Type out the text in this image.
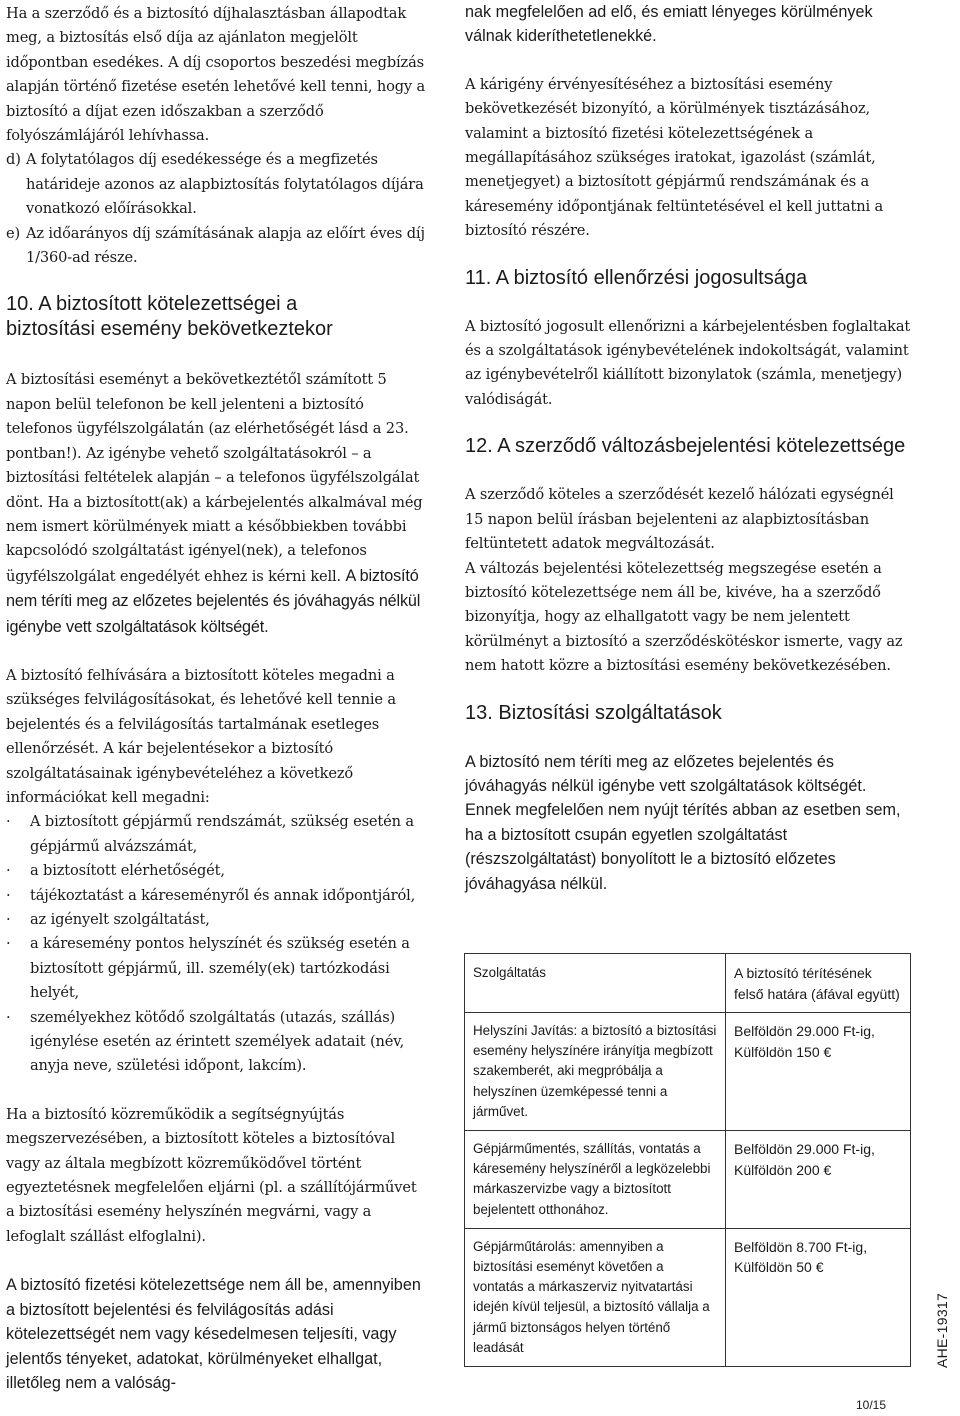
Ha a szerződő és a biztosító díjhalasztásban állapodtak meg, a biztosítás első díja az ajánlaton megjelölt időpontban esedékes. A díj csoportos beszedési megbízás alapján történő fizetése esetén lehetővé kell tenni, hogy a biztosító a díjat ezen időszakban a szerződő folyószámlájáról lehívhassa.

d) A folytatólagos díj esedékessége és a megfizetés határideje azonos az alapbiztosítás folytatólagos díjára vonatkozó előírásokkal.
e) Az időarányos díj számításának alapja az előírt éves díj 1/360-ad része.
10. A biztosított kötelezettségei a biztosítási esemény bekövetkeztekor

A biztosítási eseményt a bekövetkeztétől számított 5 napon belül telefonon be kell jelenteni a biztosító telefonos ügyfélszolgálatán (az elérhetőségét lásd a 23. pontban!). Az igénybe vehető szolgáltatásokról – a biztosítási feltételek alapján – a telefonos ügyfélszolgálat dönt. Ha a biztosított(ak) a kárbejelentés alkalmával még nem ismert körülmények miatt a későbbiekben további kapcsolódó szolgáltatást igényel(nek), a telefonos ügyfélszolgálat engedélyét ehhez is kérni kell. A biztosító nem téríti meg az előzetes bejelentés és jóváhagyás nélkül igénybe vett szolgáltatások költségét.

A biztosító felhívására a biztosított köteles megadni a szükséges felvilágosításokat, és lehetővé kell tennie a bejelentés és a felvilágosítás tartalmának esetleges ellenőrzését. A kár bejelentésekor a biztosító szolgáltatásainak igénybevételéhez a következő információkat kell megadni:

·	A biztosított gépjármű rendszámát, szükség esetén a gépjármű alvázszámát,
·	a biztosított elérhetőségét,
·	tájékoztatást a káreseményről és annak időpontjáról,
·	az igényelt szolgáltatást,
·	a káresemény pontos helyszínét és szükség esetén a biztosított gépjármű, ill. személy(ek) tartózkodási helyét,
·	személyekhez kötődő szolgáltatás (utazás, szállás) igénylése esetén az érintett személyek adatait (név, anyja neve, születési időpont, lakcím).

Ha a biztosító közreműködik a segítségnyújtás megszervezésében, a biztosított köteles a biztosítóval vagy az általa megbízott közreműködővel történt egyeztetésnek megfelelően eljárni (pl. a szállítójárművet a biztosítási esemény helyszínén megvárni, vagy a lefoglalt szállást elfoglalni).

A biztosító fizetési kötelezettsége nem áll be, amennyiben a biztosított bejelentési és felvilágosítás adási kötelezettségét nem vagy késedelmesen teljesíti, vagy jelentős tényeket, adatokat, körülményeket elhallgat, illetőleg nem a valóság-

nak megfelelően ad elő, és emiatt lényeges körülmények válnak kideríthetetlenekké.

A kárigény érvényesítéséhez a biztosítási esemény bekövetkezését bizonyító, a körülmények tisztázásához, valamint a biztosító fizetési kötelezettségének a megállapításához szükséges iratokat, igazolást (számlát, menetjegyet) a biztosított gépjármű rendszámának és a káresemény időpontjának feltüntetésével el kell juttatni a biztosító részére.

11. A biztosító ellenőrzési jogosultsága

A biztosító jogosult ellenőrizni a kárbejelentésben foglaltakat és a szolgáltatások igénybevételének indokoltságát, valamint az igénybevételről kiállított bizonylatok (számla, menetjegy) valódiságát.

12. A szerződő változásbejelentési kötelezettsége

A szerződő köteles a szerződését kezelő hálózati egységnél 15 napon belül írásban bejelenteni az alapbiztosításban feltüntetett adatok megváltozását.

A változás bejelentési kötelezettség megszegése esetén a biztosító kötelezettsége nem áll be, kivéve, ha a szerződő bizonyítja, hogy az elhallgatott vagy be nem jelentett körülményt a biztosító a szerződéskötéskor ismerte, vagy az nem hatott közre a biztosítási esemény bekövetkezésében.

13. Biztosítási szolgáltatások

A biztosító nem téríti meg az előzetes bejelentés és jóváhagyás nélkül igénybe vett szolgáltatások költségét. Ennek megfelelően nem nyújt térítés abban az esetben sem, ha a biztosított csupán egyetlen szolgáltatást (részszolgáltatást) bonyolított le a biztosító előzetes jóváhagyása nélkül.

Szolgáltatás	A biztosító térítésének felső határa (áfával együtt)
Helyszíni Javítás: a biztosító a biztosítási esemény helyszínére irányítja megbízott szakemberét, aki megpróbálja a helyszínen üzemképessé tenni a járművet.	Belföldön 29.000 Ft-ig,
Külföldön 150 €

Gépjárműmentés, szállítás, vontatás a káresemény helyszínéről a legközelebbi márkaszervizbe vagy a biztosított bejelentett otthonához.	Belföldön 29.000 Ft-ig,
Külföldön 200 €

Gépjárműtárolás: amennyiben a biztosítási eseményt követően a vontatás a márkaszerviz nyitvatartási idején kívül teljesül, a biztosító vállalja a jármű biztonságos helyen történő leadását	Belföldön 8.700 Ft-ig,
Külföldön 50 €
AHE-19317
10/15
